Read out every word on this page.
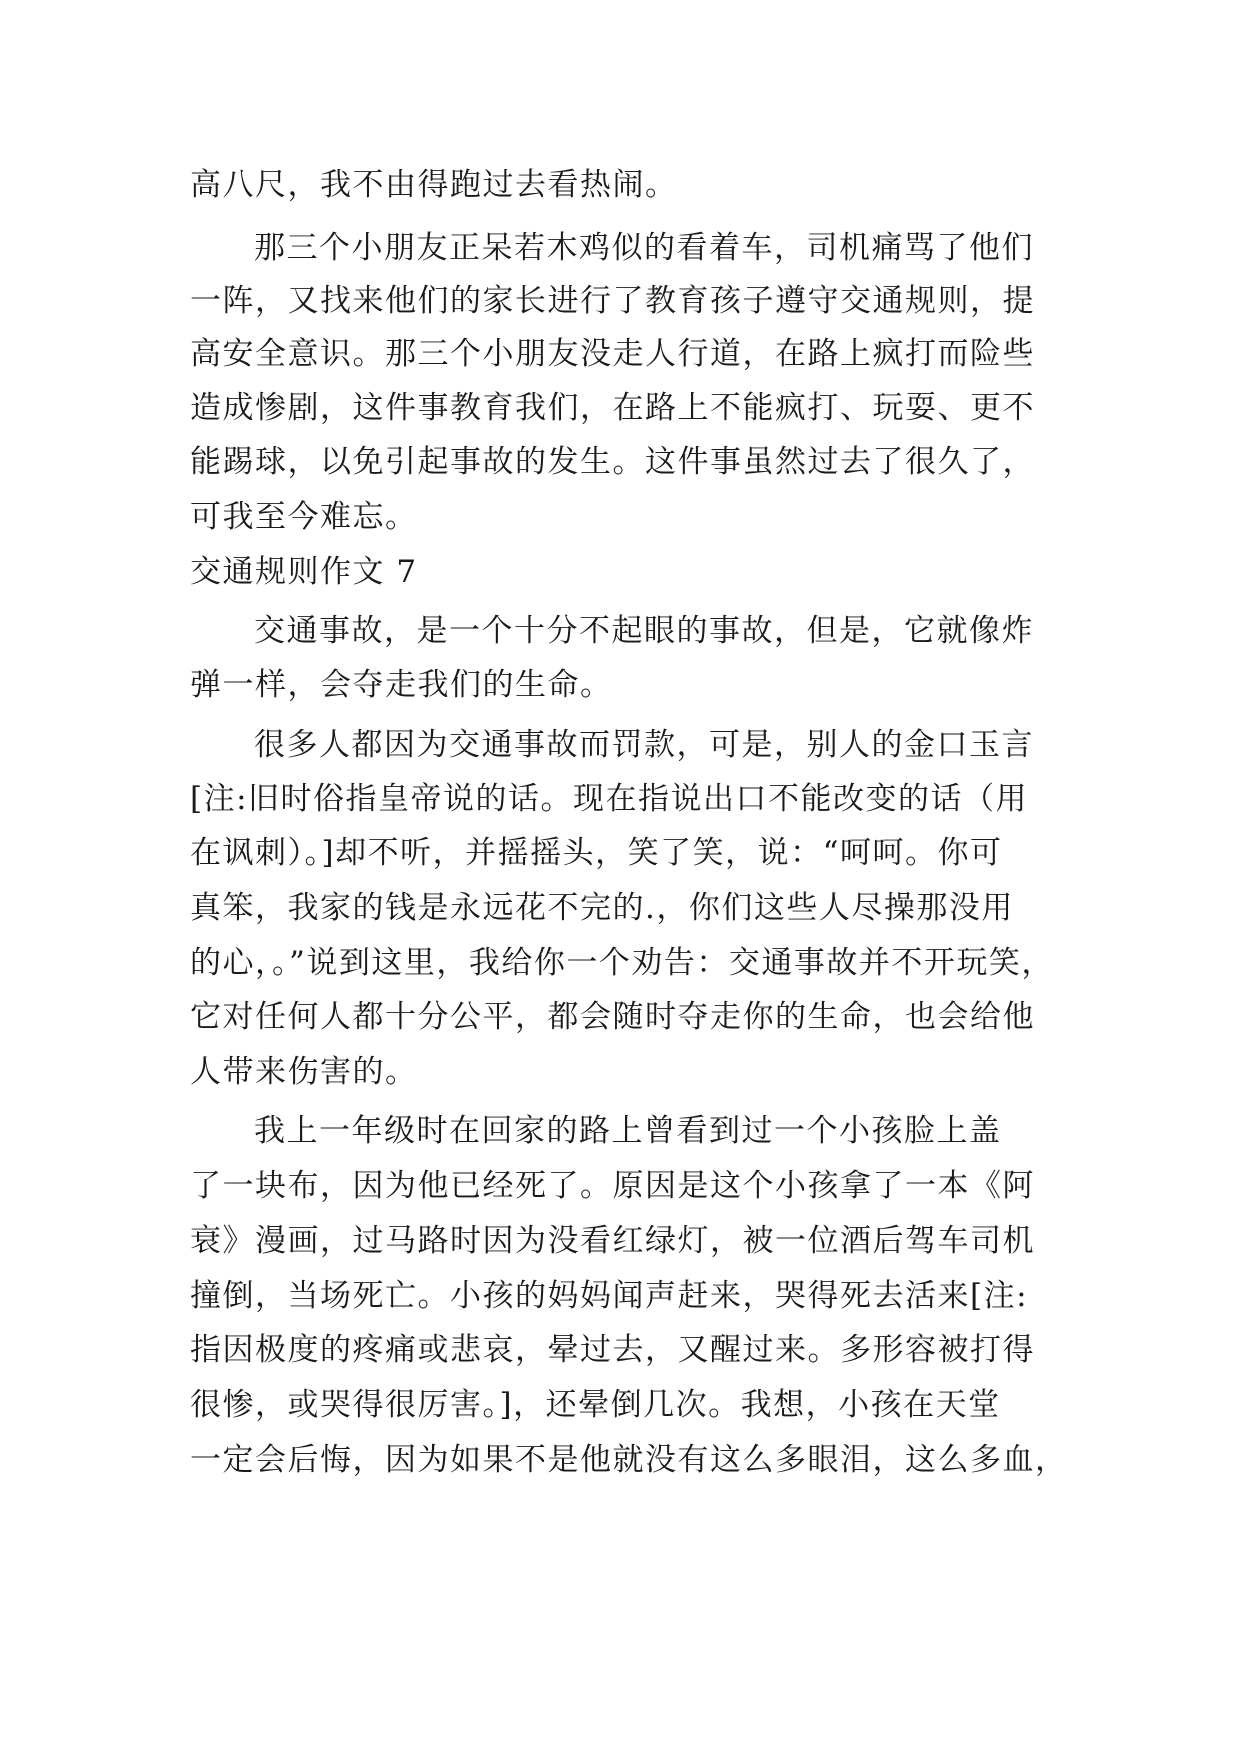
高八尺，我不由得跑过去看热闹。
那三个小朋友正呆若木鸡似的看着车，司机痛骂了他们
一阵，又找来他们的家长进行了教育孩子遵守交通规则，提
高安全意识。那三个小朋友没走人行道，在路上疯打而险些
造成惨剧，这件事教育我们，在路上不能疯打、玩耍、更不
能踢球，以免引起事故的发生。这件事虽然过去了很久了，
可我至今难忘。
交通规则作文 7
交通事故，是一个十分不起眼的事故，但是，它就像炸
弹一样，会夺走我们的生命。
很多人都因为交通事故而罚款，可是，别人的金口玉言
[注:旧时俗指皇帝说的话。现在指说出口不能改变的话（用
在讽刺）。]却不听，并摇摇头，笑了笑，说：“呵呵。你可
真笨，我家的钱是永远花不完的.，你们这些人尽操那没用
的心，。”说到这里，我给你一个劝告：交通事故并不开玩笑，
它对任何人都十分公平，都会随时夺走你的生命，也会给他
人带来伤害的。
我上一年级时在回家的路上曾看到过一个小孩脸上盖
了一块布，因为他已经死了。原因是这个小孩拿了一本《阿
衰》漫画，过马路时因为没看红绿灯，被一位酒后驾车司机
撞倒，当场死亡。小孩的妈妈闻声赶来，哭得死去活来[注:
指因极度的疼痛或悲哀，晕过去，又醒过来。多形容被打得
很惨，或哭得很厉害。]，还晕倒几次。我想，小孩在天堂
一定会后悔，因为如果不是他就没有这么多眼泪，这么多血，
